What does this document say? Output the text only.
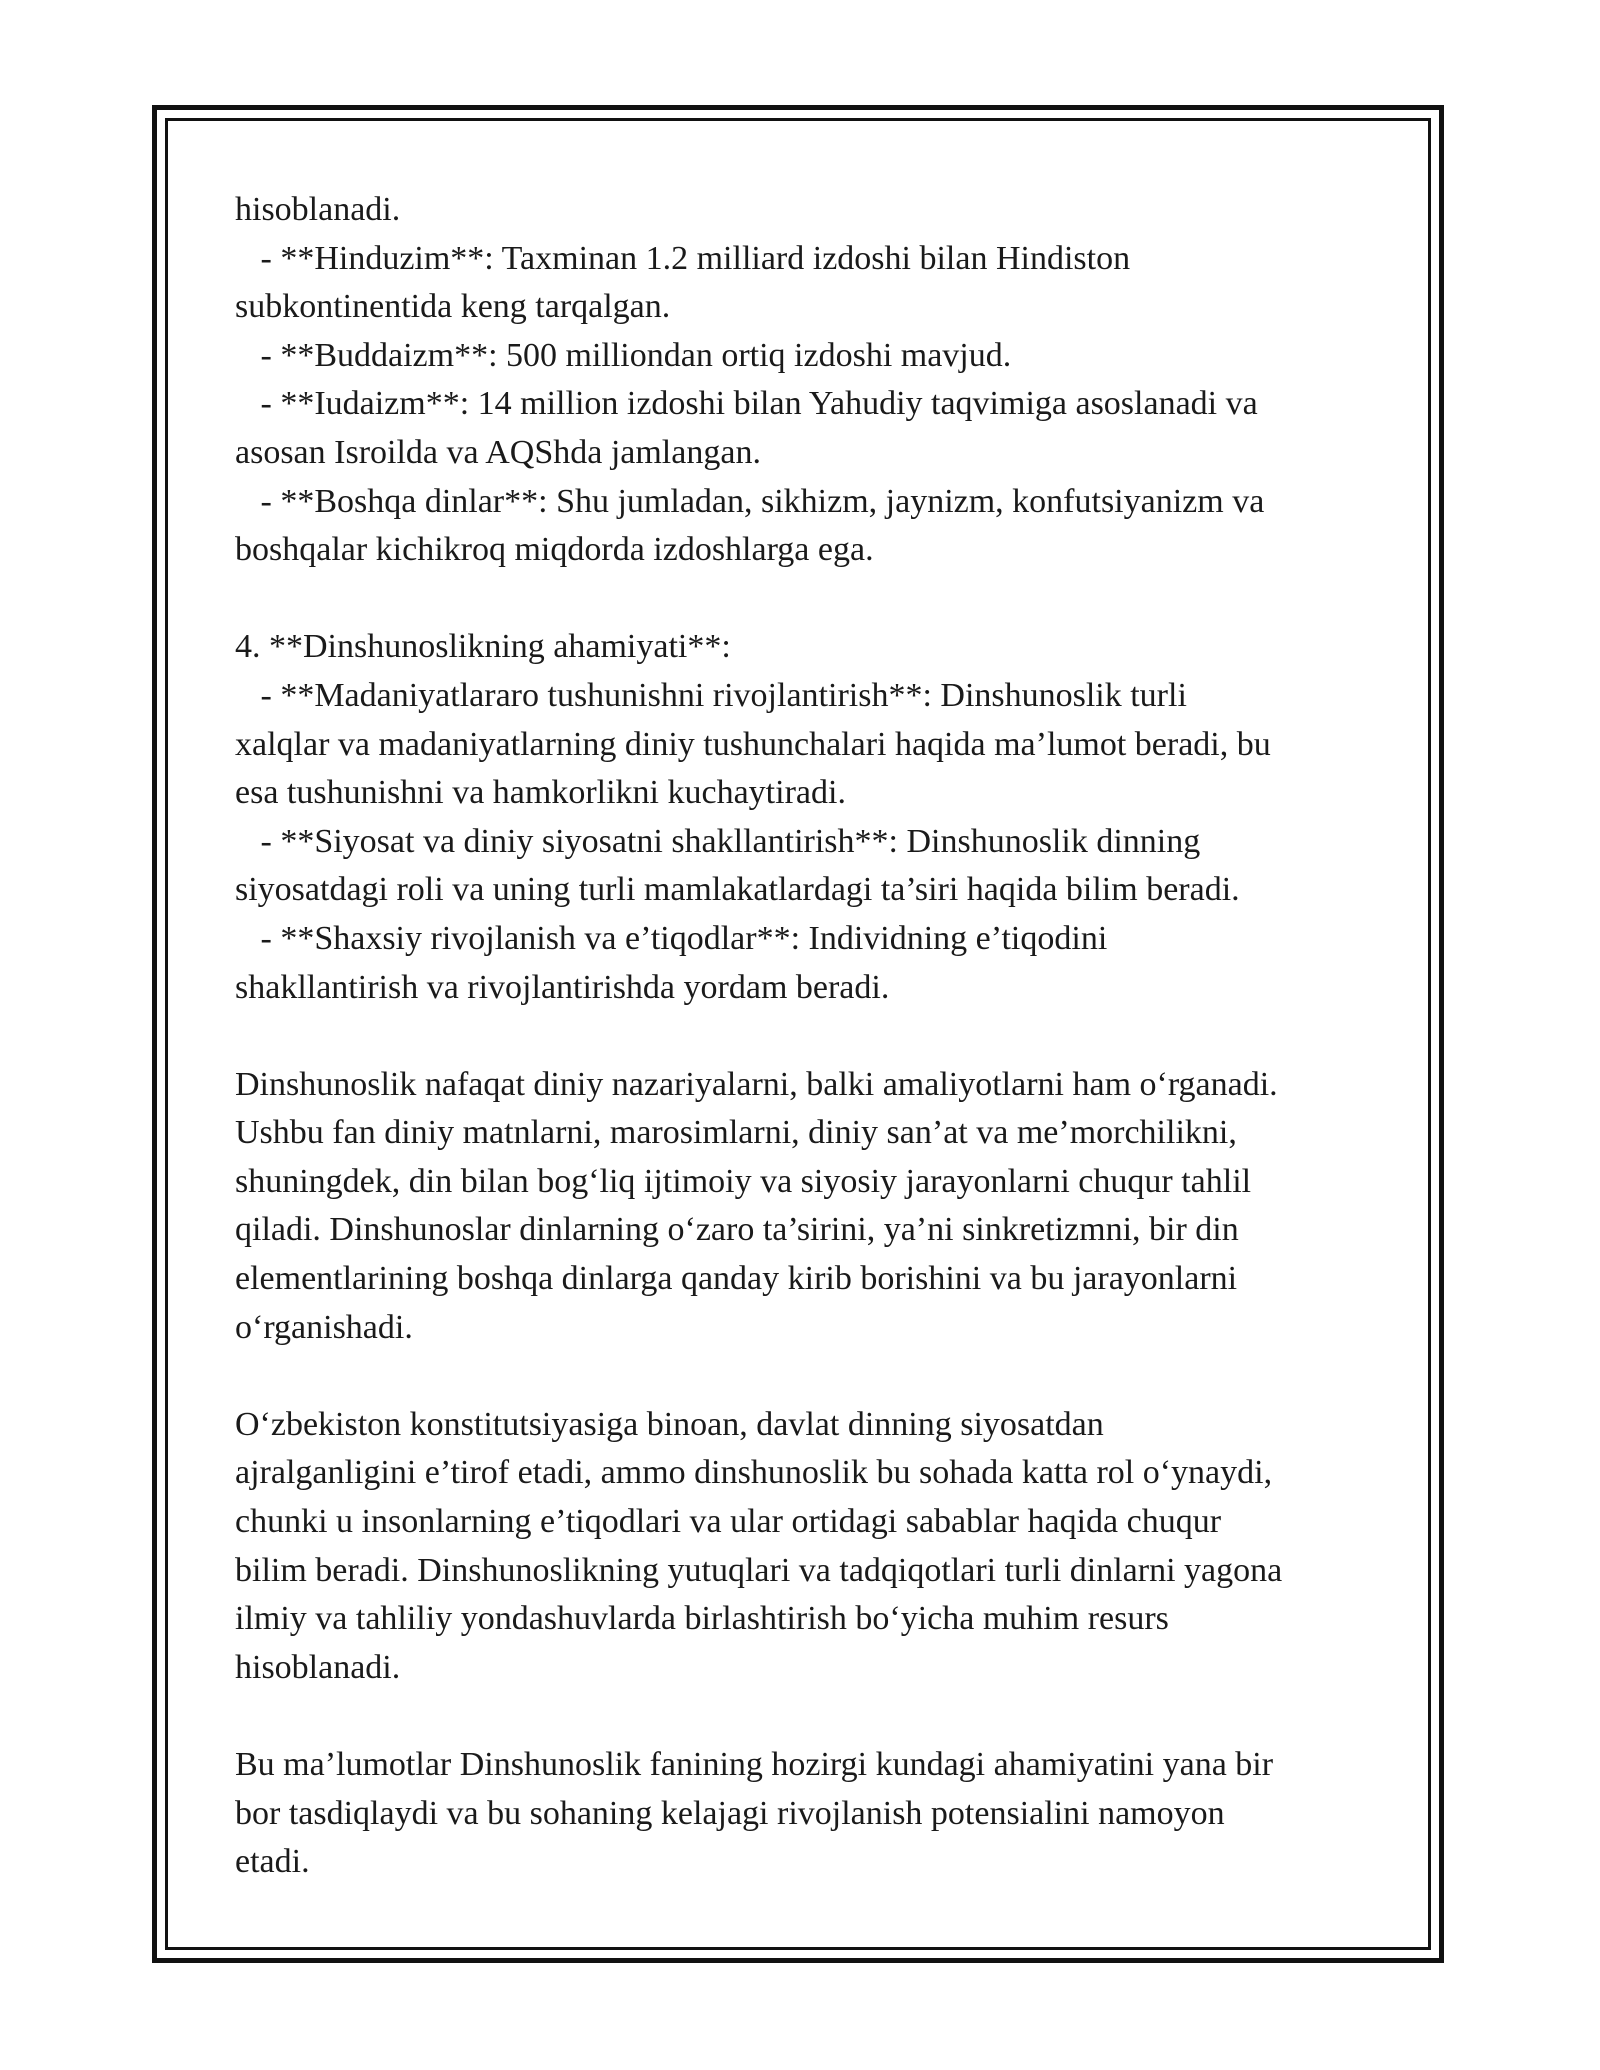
hisoblanadi.
- **Hinduzim**: Taxminan 1.2 milliard izdoshi bilan Hindiston
subkontinentida keng tarqalgan.
- **Buddaizm**: 500 milliondan ortiq izdoshi mavjud.
- **Iudaizm**: 14 million izdoshi bilan Yahudiy taqvimiga asoslanadi va
asosan Isroilda va AQShda jamlangan.
- **Boshqa dinlar**: Shu jumladan, sikhizm, jaynizm, konfutsiyanizm va
boshqalar kichikroq miqdorda izdoshlarga ega.
4. **Dinshunoslikning ahamiyati**:
- **Madaniyatlararo tushunishni rivojlantirish**: Dinshunoslik turli
xalqlar va madaniyatlarning diniy tushunchalari haqida ma’lumot beradi, bu
esa tushunishni va hamkorlikni kuchaytiradi.
- **Siyosat va diniy siyosatni shakllantirish**: Dinshunoslik dinning
siyosatdagi roli va uning turli mamlakatlardagi ta’siri haqida bilim beradi.
- **Shaxsiy rivojlanish va e’tiqodlar**: Individning e’tiqodini
shakllantirish va rivojlantirishda yordam beradi.
Dinshunoslik nafaqat diniy nazariyalarni, balki amaliyotlarni ham o‘rganadi.
Ushbu fan diniy matnlarni, marosimlarni, diniy san’at va me’morchilikni,
shuningdek, din bilan bog‘liq ijtimoiy va siyosiy jarayonlarni chuqur tahlil
qiladi. Dinshunoslar dinlarning o‘zaro ta’sirini, ya’ni sinkretizmni, bir din
elementlarining boshqa dinlarga qanday kirib borishini va bu jarayonlarni
o‘rganishadi.
O‘zbekiston konstitutsiyasiga binoan, davlat dinning siyosatdan
ajralganligini e’tirof etadi, ammo dinshunoslik bu sohada katta rol o‘ynaydi,
chunki u insonlarning e’tiqodlari va ular ortidagi sabablar haqida chuqur
bilim beradi. Dinshunoslikning yutuqlari va tadqiqotlari turli dinlarni yagona
ilmiy va tahliliy yondashuvlarda birlashtirish bo‘yicha muhim resurs
hisoblanadi.
Bu ma’lumotlar Dinshunoslik fanining hozirgi kundagi ahamiyatini yana bir
bor tasdiqlaydi va bu sohaning kelajagi rivojlanish potensialini namoyon
etadi.
